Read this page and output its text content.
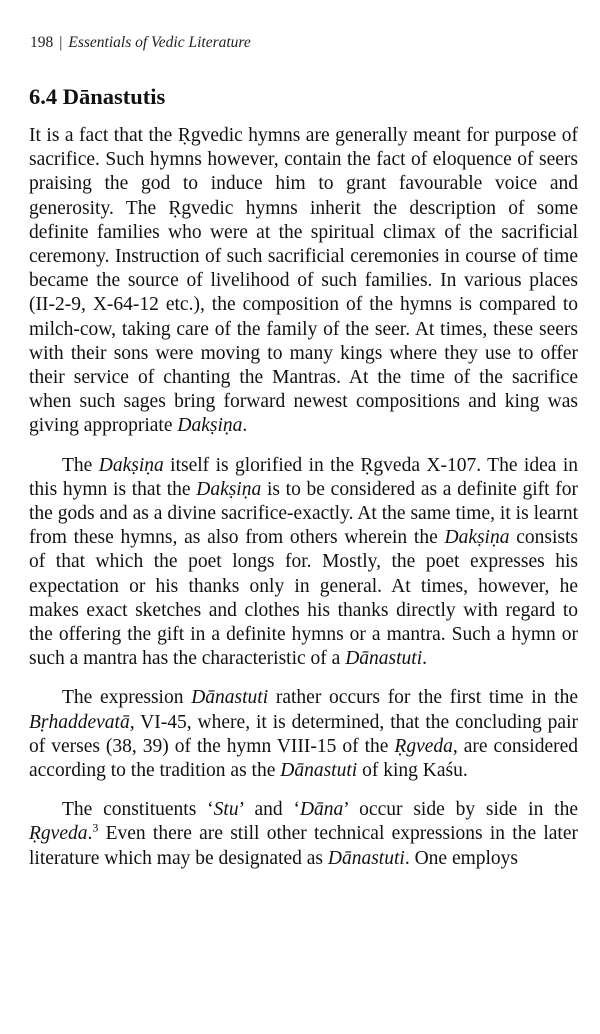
198 | Essentials of Vedic Literature
6.4 Dānastutis

It is a fact that the Ṛgvedic hymns are generally meant for purpose of sacrifice. Such hymns however, contain the fact of eloquence of seers praising the god to induce him to grant favourable voice and generosity. The Ṛgvedic hymns inherit the description of some definite families who were at the spiritual climax of the sacrificial ceremony. Instruction of such sacrificial ceremonies in course of time became the source of livelihood of such families. In various places (II-2-9, X-64-12 etc.), the composition of the hymns is compared to milch-cow, taking care of the family of the seer. At times, these seers with their sons were moving to many kings where they use to offer their service of chanting the Mantras. At the time of the sacrifice when such sages bring forward newest compositions and king was giving appropriate Dakṣiṇa.

The Dakṣiṇa itself is glorified in the Ṛgveda X-107. The idea in this hymn is that the Dakṣiṇa is to be considered as a definite gift for the gods and as a divine sacrifice-exactly. At the same time, it is learnt from these hymns, as also from others wherein the Dakṣiṇa consists of that which the poet longs for. Mostly, the poet expresses his expectation or his thanks only in general. At times, however, he makes exact sketches and clothes his thanks directly with regard to the offering the gift in a definite hymns or a mantra. Such a hymn or such a mantra has the characteristic of a Dānastuti.

The expression Dānastuti rather occurs for the first time in the Bṛhaddevatā, VI-45, where, it is determined, that the concluding pair of verses (38, 39) of the hymn VIII-15 of the Ṛgveda, are considered according to the tradition as the Dānastuti of king Kaśu.

The constituents ‘Stu’ and ‘Dāna’ occur side by side in the Ṛgveda.$^3$ Even there are still other technical expressions in the later literature which may be designated as Dānastuti. One employs
